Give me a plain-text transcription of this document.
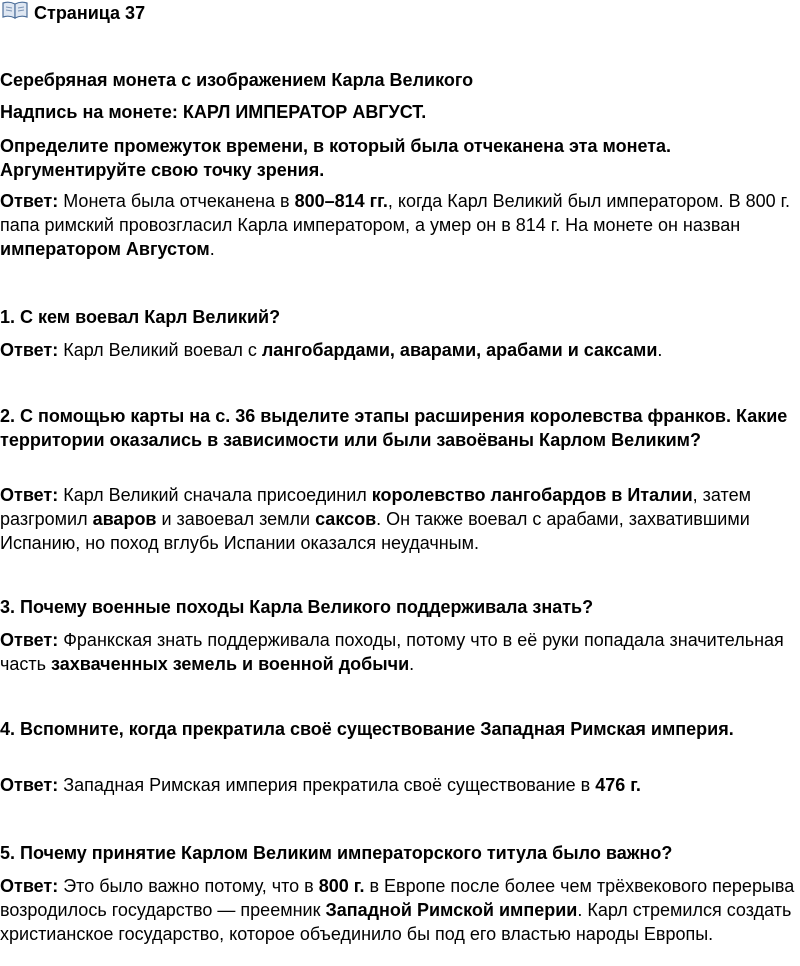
Страница 37

Серебряная монета с изображением Карла Великого

Надпись на монете: КАРЛ ИМПЕРАТОР АВГУСТ.

Определите промежуток времени, в который была отчеканена эта монета. Аргументируйте свою точку зрения.

Ответ: Монета была отчеканена в 800–814 гг., когда Карл Великий был императором. В 800 г. папа римский провозгласил Карла императором, а умер он в 814 г. На монете он назван императором Августом.

1. С кем воевал Карл Великий?

Ответ: Карл Великий воевал с лангобардами, аварами, арабами и саксами.

2. С помощью карты на с. 36 выделите этапы расширения королевства франков. Какие территории оказались в зависимости или были завоёваны Карлом Великим?

Ответ: Карл Великий сначала присоединил королевство лангобардов в Италии, затем разгромил аваров и завоевал земли саксов. Он также воевал с арабами, захватившими Испанию, но поход вглубь Испании оказался неудачным.

3. Почему военные походы Карла Великого поддерживала знать?

Ответ: Франкская знать поддерживала походы, потому что в её руки попадала значительная часть захваченных земель и военной добычи.

4. Вспомните, когда прекратила своё существование Западная Римская империя.

Ответ: Западная Римская империя прекратила своё существование в 476 г.

5. Почему принятие Карлом Великим императорского титула было важно?

Ответ: Это было важно потому, что в 800 г. в Европе после более чем трёхвекового перерыва возродилось государство — преемник Западной Римской империи. Карл стремился создать христианское государство, которое объединило бы под его властью народы Европы.
